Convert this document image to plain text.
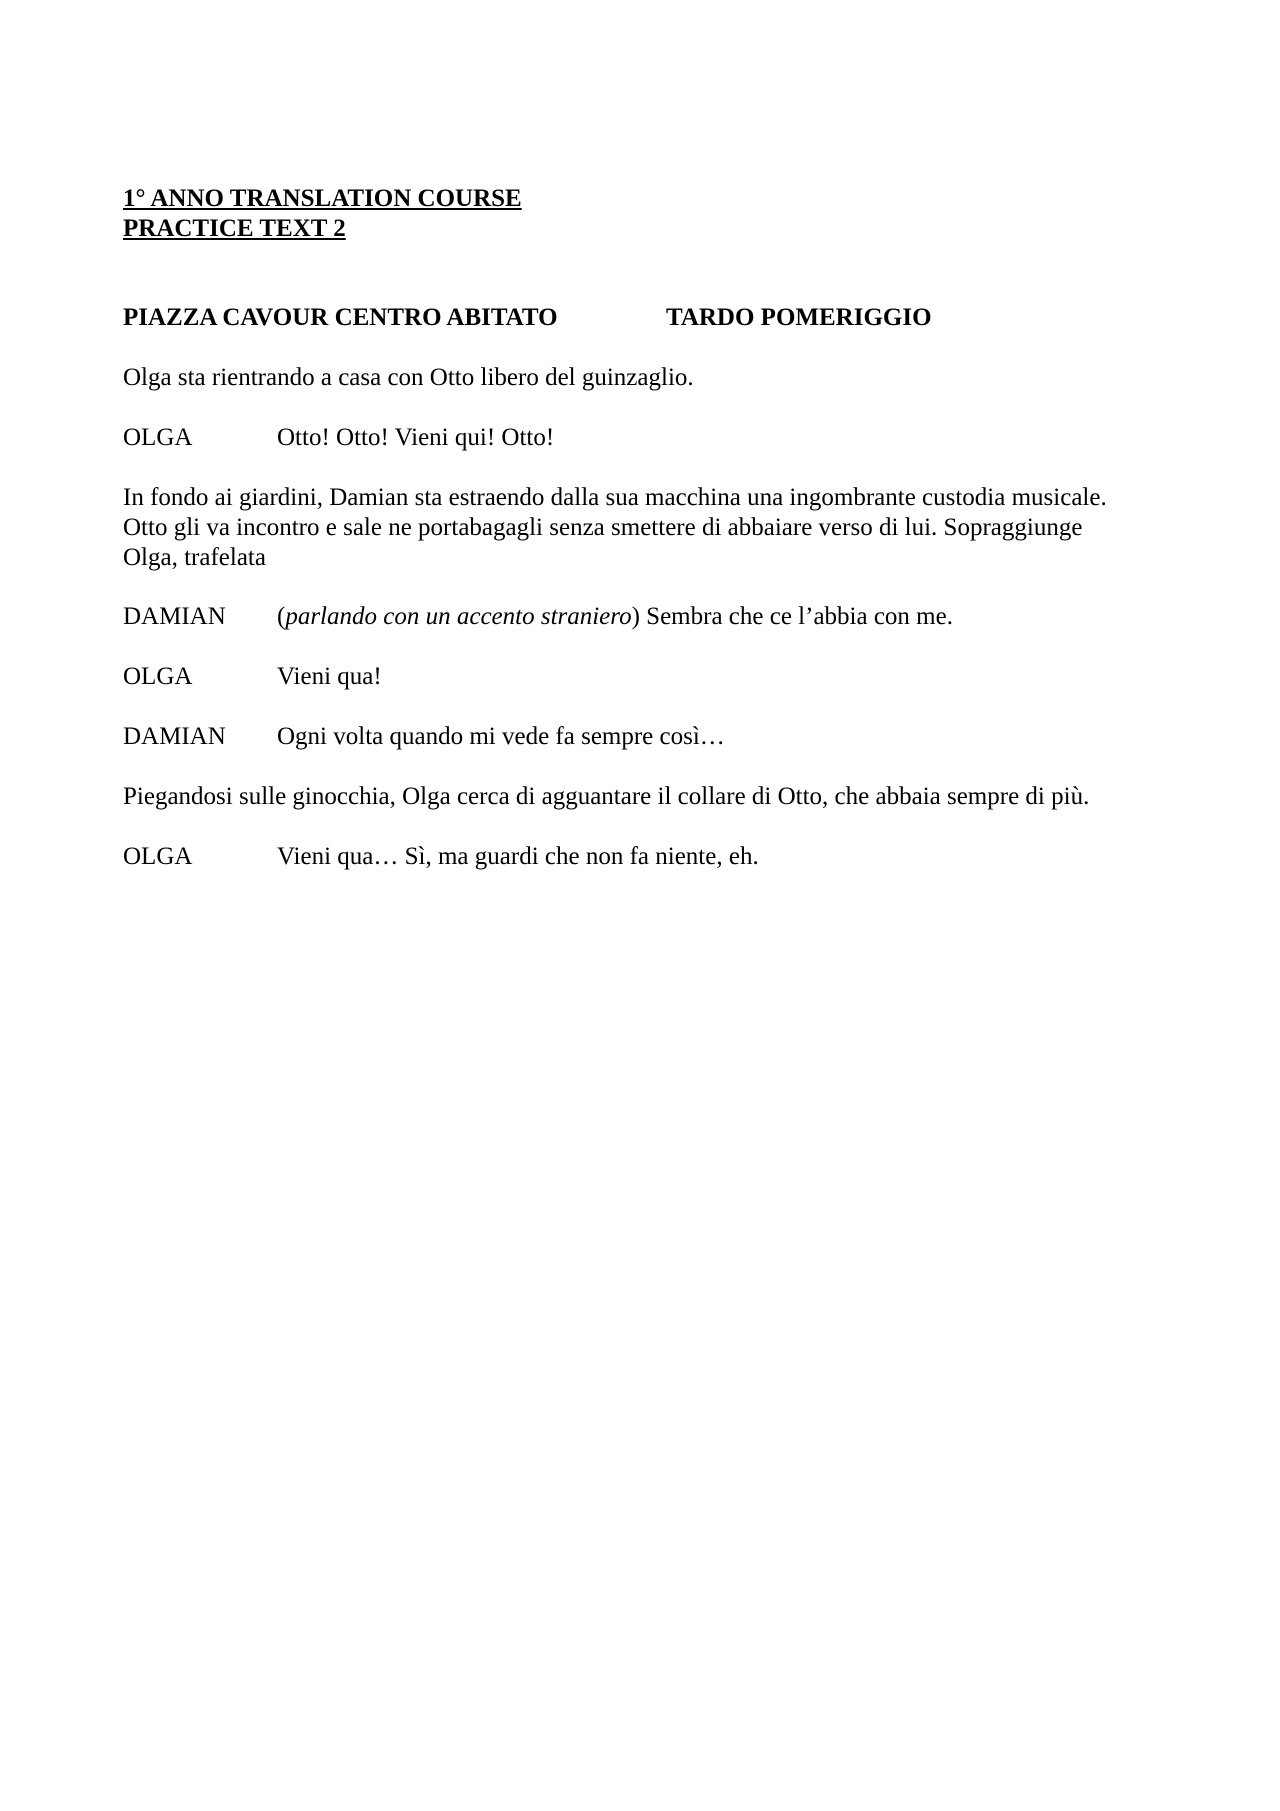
1° ANNO TRANSLATION COURSE
PRACTICE TEXT 2
PIAZZA CAVOUR CENTRO ABITATO	TARDO POMERIGGIO
Olga sta rientrando a casa con Otto libero del guinzaglio.
OLGA	Otto! Otto! Vieni qui! Otto!
In fondo ai giardini, Damian sta estraendo dalla sua macchina una ingombrante custodia musicale.
Otto gli va incontro e sale ne portabagagli senza smettere di abbaiare verso di lui. Sopraggiunge
Olga, trafelata
DAMIAN (parlando con un accento straniero) Sembra che ce l’abbia con me.
OLGA	Vieni qua!
DAMIAN Ogni volta quando mi vede fa sempre così…
Piegandosi sulle ginocchia, Olga cerca di agguantare il collare di Otto, che abbaia sempre di più.
OLGA	Vieni qua… Sì, ma guardi che non fa niente, eh.
